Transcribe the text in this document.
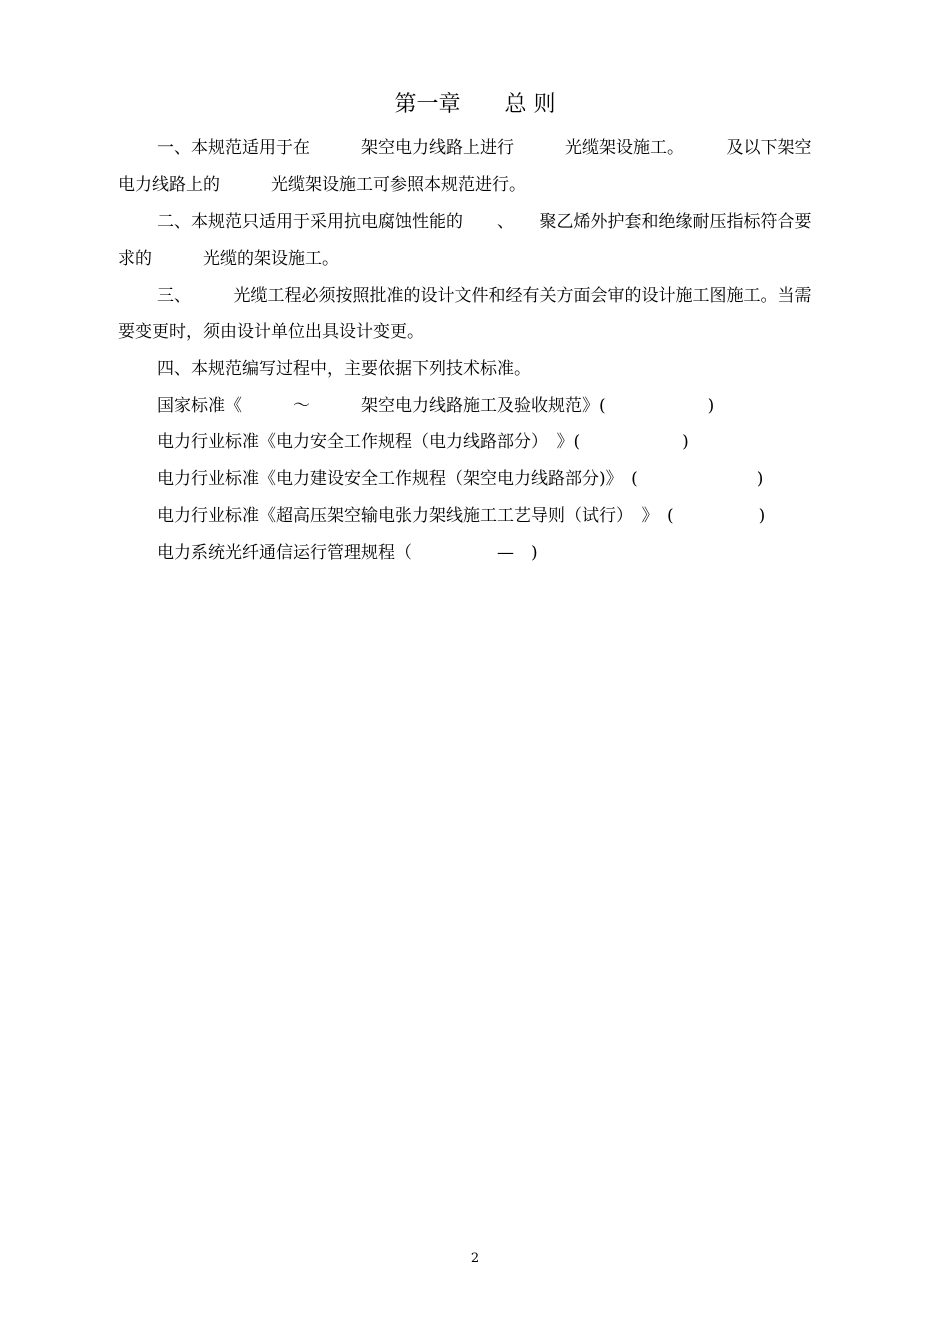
第一章　　总 则
一、本规范适用于在　　　架空电力线路上进行　　　光缆架设施工。　　　及以下架空
电力线路上的　　　光缆架设施工可参照本规范进行。
二、本规范只适用于采用抗电腐蚀性能的　　、　　聚乙烯外护套和绝缘耐压指标符合要
求的　　　光缆的架设施工。
三、　　　光缆工程必须按照批准的设计文件和经有关方面会审的设计施工图施工。当需
要变更时，须由设计单位出具设计变更。
四、本规范编写过程中，主要依据下列技术标准。
国家标准《　　　～　　　架空电力线路施工及验收规范》(　　　　　　)
电力行业标准《电力安全工作规程（电力线路部分）　》(　　　　　　)
电力行业标准《电力建设安全工作规程（架空电力线路部分)》　(　　　　　　　)
电力行业标准《超高压架空输电张力架线施工工艺导则（试行）　》　(　　　　　)
电力系统光纤通信运行管理规程（　　　　　—　)
2
